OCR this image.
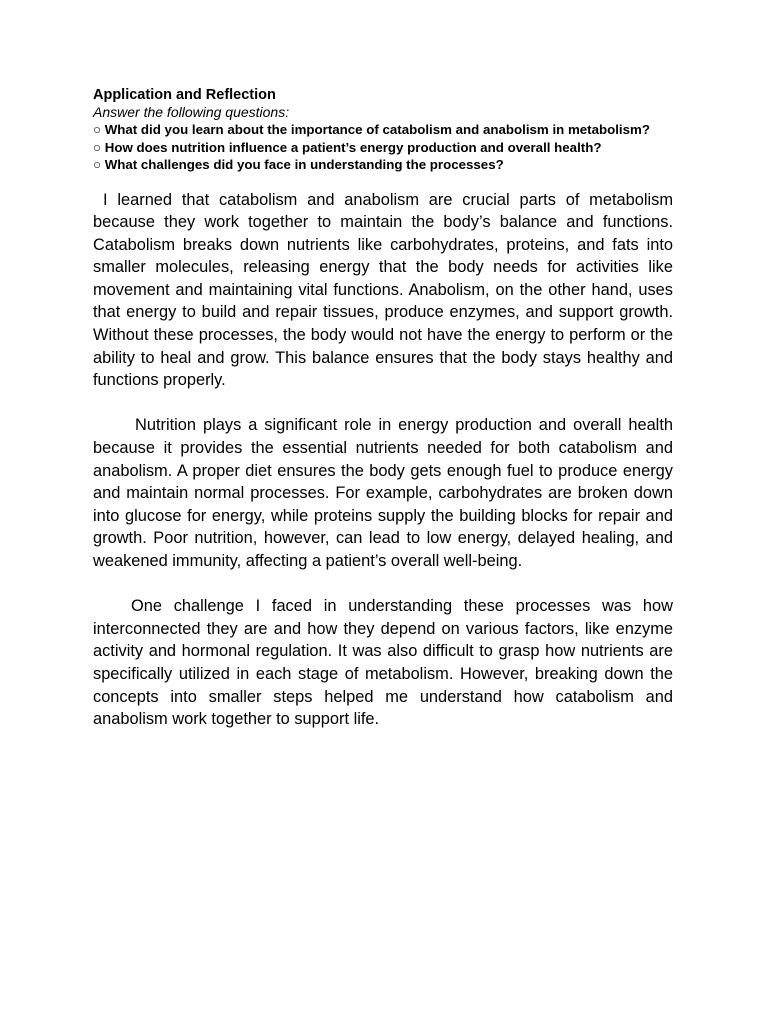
Application and Reflection

Answer the following questions:

○ What did you learn about the importance of catabolism and anabolism in metabolism?
○ How does nutrition influence a patient’s energy production and overall health?
○ What challenges did you face in understanding the processes?

I learned that catabolism and anabolism are crucial parts of metabolism because they work together to maintain the body’s balance and functions. Catabolism breaks down nutrients like carbohydrates, proteins, and fats into smaller molecules, releasing energy that the body needs for activities like movement and maintaining vital functions. Anabolism, on the other hand, uses that energy to build and repair tissues, produce enzymes, and support growth. Without these processes, the body would not have the energy to perform or the ability to heal and grow. This balance ensures that the body stays healthy and functions properly.

Nutrition plays a significant role in energy production and overall health because it provides the essential nutrients needed for both catabolism and anabolism. A proper diet ensures the body gets enough fuel to produce energy and maintain normal processes. For example, carbohydrates are broken down into glucose for energy, while proteins supply the building blocks for repair and growth. Poor nutrition, however, can lead to low energy, delayed healing, and weakened immunity, affecting a patient’s overall well-being.

One challenge I faced in understanding these processes was how interconnected they are and how they depend on various factors, like enzyme activity and hormonal regulation. It was also difficult to grasp how nutrients are specifically utilized in each stage of metabolism. However, breaking down the concepts into smaller steps helped me understand how catabolism and anabolism work together to support life.
